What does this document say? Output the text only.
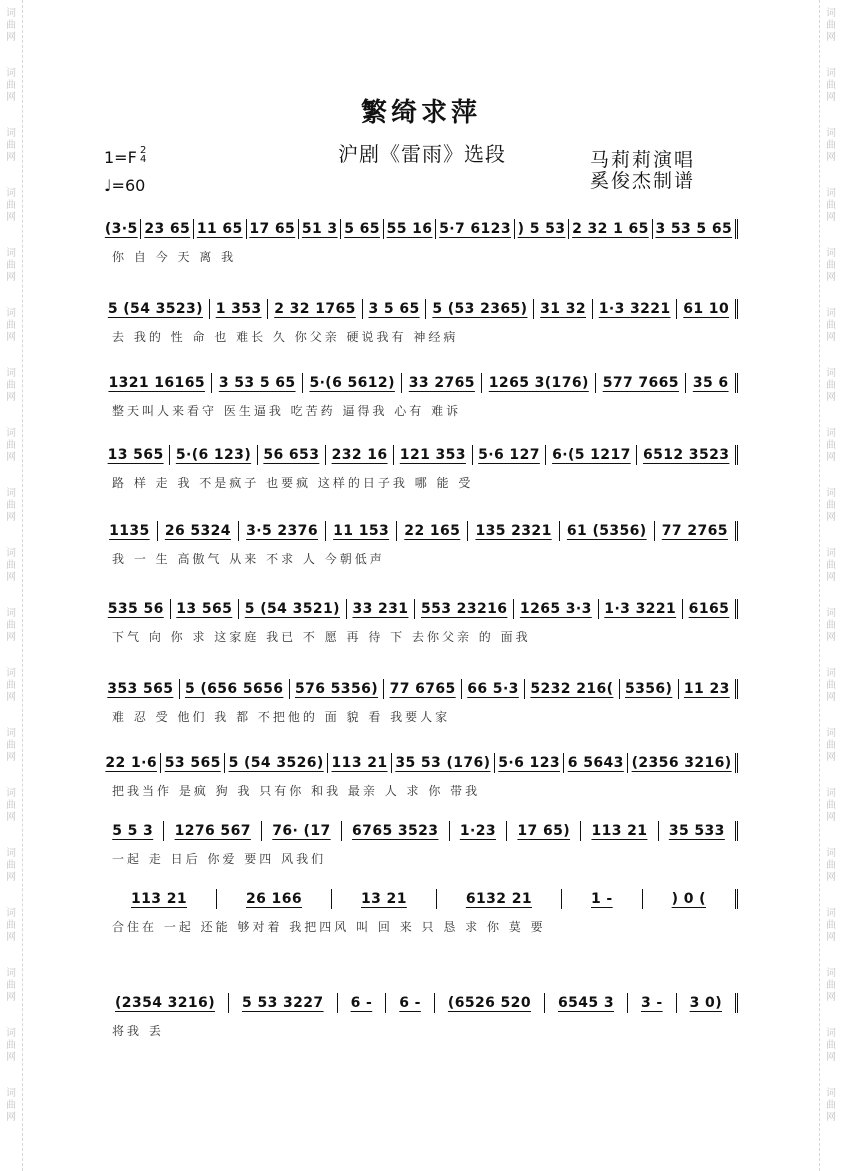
词
曲
网
词
曲
网
词
曲
网
词
曲
网
词
曲
网
词
曲
网
词
曲
网
词
曲
网
词
曲
网
词
曲
网
词
曲
网
词
曲
网
词
曲
网
词
曲
网
词
曲
网
词
曲
网
词
曲
网
词
曲
网
词
曲
网
词
曲
网
词
曲
网
词
曲
网
词
曲
网
词
曲
网
词
曲
网
词
曲
网
词
曲
网
词
曲
网
词
曲
网
词
曲
网
词
曲
网
词
曲
网
词
曲
网
词
曲
网
词
曲
网
词
曲
网
词
曲
网
词
曲
网
繁绮求萍
沪剧《雷雨》选段	马莉莉演唱
奚俊杰制谱
1=F 2
4
♩=60
(3·5 23 65 11 65 17 65 51 3 5 65 55 16 5·7 6123 ) 5 53 2 32 1 65 3 53 5 65
你 自 今 天 离 我
5 (54 3523) 1 353 2 32 1765 3 5 65 5 (53 2365) 31 32 1·3 3221 61 10
去 我的 性 命 也 难长 久 你父亲 硬说我有 神经病
1321 16165 3 53 5 65 5·(6 5612) 33 2765 1265 3(176) 577 7665 35 6
整天叫人来看守 医生逼我 吃苦药 逼得我 心有 难诉
13 565 5·(6 123) 56 653 232 16 121 353 5·6 127 6·(5 1217 6512 3523
路 样 走 我 不是疯子 也要疯 这样的日子我 哪 能 受
1135	26 5324	3·5 2376	11 153	22 165	135 2321	61 (5356)	77 2765
我 一 生 高傲气 从来 不求 人 今朝低声
535 56 13 565 5 (54 3521) 33 231 553 23216 1265 3·3 1·3 3221 6165
下气 向 你 求 这家庭 我已 不 愿 再 待 下 去你父亲 的 面我
353 565 5 (656 5656 576 5356) 77 6765 66 5·3 5232 216( 5356) 11 23
难 忍 受 他们 我 都 不把他的 面 貌 看 我要人家
22 1·6 53 565 5 (54 3526) 113 21 35 53 (176) 5·6 123 6 5643 (2356 3216)
把我当作 是疯 狗 我 只有你 和我 最亲 人 求 你 带我
5 5 3	1276 567	76· (17	6765 3523	1·23	17 65)	113 21	35 533
一起 走 日后 你爱 要四 风我们
113 21	26 166	13 21	6132 21	1 -	) 0 (
合住在 一起 还能 够对着 我把四风 叫 回 来 只 恳 求 你 莫 要
(2354 3216)	5 53 3227	6 -	6 -	(6526 520	6545 3	3 -	3 0)
将我 丢
